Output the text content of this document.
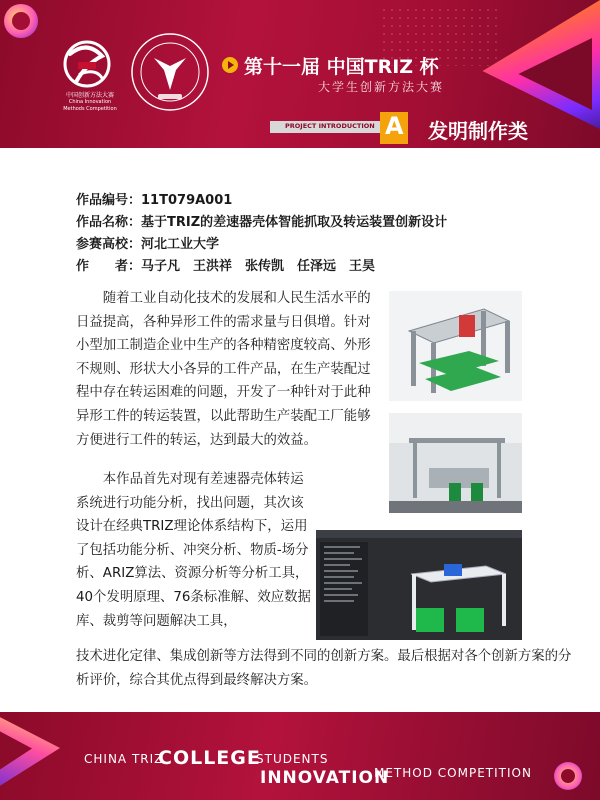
中国创新方法大赛
China Innovation
Methods Competition
第十一届 中国TRIZ 杯
大学生创新方法大赛
PROJECT INTRODUCTION A 发明制作类
作品编号：11T079A001
作品名称：基于TRIZ的差速器壳体智能抓取及转运装置创新设计
参赛高校：河北工业大学
作　　者：马子凡　王洪祥　张传凯　任泽远　王昊
随着工业自动化技术的发展和人民生活水平的日益提高，各种异形工件的需求量与日俱增。针对小型加工制造企业中生产的各种精密度较高、外形不规则、形状大小各异的工件产品，在生产装配过程中存在转运困难的问题，开发了一种针对于此种异形工件的转运装置，以此帮助生产装配工厂能够方便进行工件的转运，达到最大的效益。
本作品首先对现有差速器壳体转运系统进行功能分析，找出问题，其次该设计在经典TRIZ理论体系结构下，运用了包括功能分析、冲突分析、物质-场分析、ARIZ算法、资源分析等分析工具，40个发明原理、76条标准解、效应数据库、裁剪等问题解决工具，
技术进化定律、集成创新等方法得到不同的创新方案。最后根据对各个创新方案的分析评价，综合其优点得到最终解决方案。
CHINA TRIZ
COLLEGE
STUDENTS
INNOVATION
METHOD COMPETITION
